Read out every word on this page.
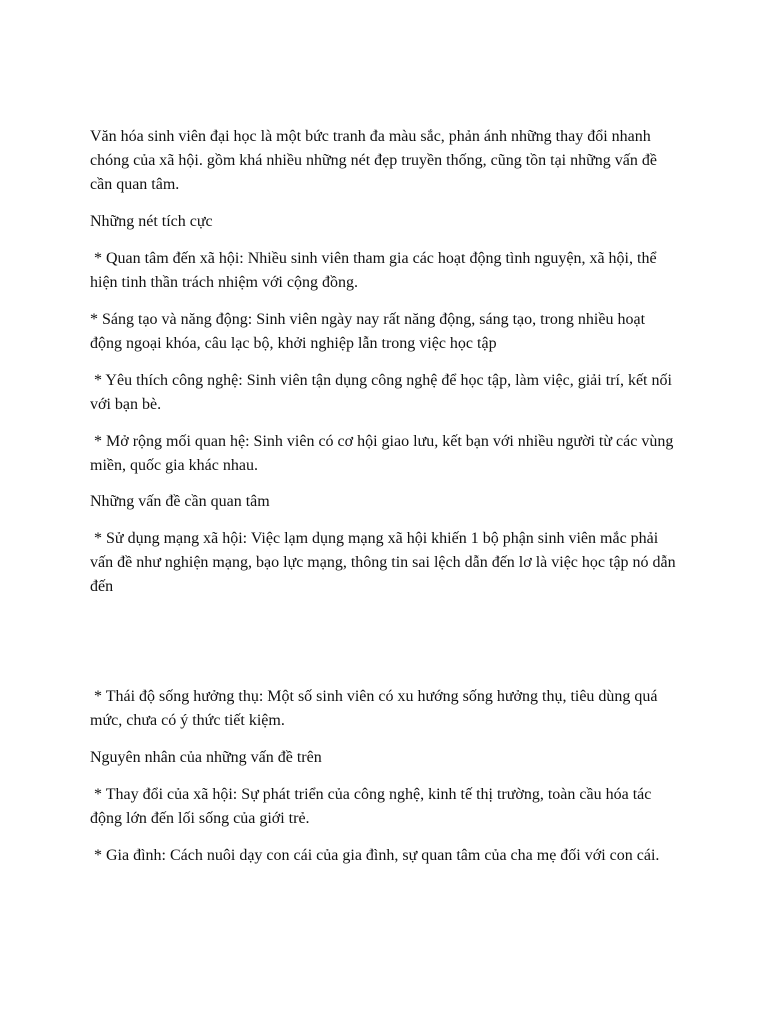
Văn hóa sinh viên đại học là một bức tranh đa màu sắc, phản ánh những thay đổi nhanh chóng của xã hội. gồm khá nhiều những nét đẹp truyền thống, cũng tồn tại những vấn đề cần quan tâm.

Những nét tích cực

* Quan tâm đến xã hội: Nhiều sinh viên tham gia các hoạt động tình nguyện, xã hội, thể hiện tinh thần trách nhiệm với cộng đồng.

* Sáng tạo và năng động: Sinh viên ngày nay rất năng động, sáng tạo, trong nhiều hoạt động ngoại khóa, câu lạc bộ, khởi nghiệp lẫn trong việc học tập

* Yêu thích công nghệ: Sinh viên tận dụng công nghệ để học tập, làm việc, giải trí, kết nối với bạn bè.

* Mở rộng mối quan hệ: Sinh viên có cơ hội giao lưu, kết bạn với nhiều người từ các vùng miền, quốc gia khác nhau.

Những vấn đề cần quan tâm

* Sử dụng mạng xã hội: Việc lạm dụng mạng xã hội khiến 1 bộ phận sinh viên mắc phải vấn đề như nghiện mạng, bạo lực mạng, thông tin sai lệch dẫn đến lơ là việc học tập nó dẫn đến

* Thái độ sống hưởng thụ: Một số sinh viên có xu hướng sống hưởng thụ, tiêu dùng quá mức, chưa có ý thức tiết kiệm.

Nguyên nhân của những vấn đề trên

* Thay đổi của xã hội: Sự phát triển của công nghệ, kinh tế thị trường, toàn cầu hóa tác động lớn đến lối sống của giới trẻ.

* Gia đình: Cách nuôi dạy con cái của gia đình, sự quan tâm của cha mẹ đối với con cái.
